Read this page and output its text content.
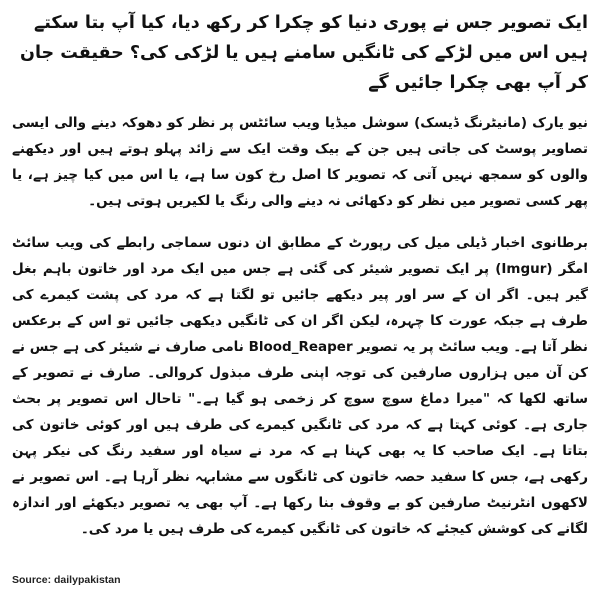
ایک تصویر جس نے پوری دنیا کو چکرا کر رکھ دیا، کیا آپ بتا سکتے ہیں اس میں لڑکے کی ٹانگیں سامنے ہیں یا لڑکی کی؟ حقیقت جان کر آپ بھی چکرا جائیں گے

نیو یارک (مانیٹرنگ ڈیسک) سوشل میڈیا ویب سائٹس پر نظر کو دھوکہ دینے والی ایسی تصاویر پوسٹ کی جاتی ہیں جن کے بیک وقت ایک سے زائد پہلو ہوتے ہیں اور دیکھنے والوں کو سمجھ نہیں آتی کہ تصویر کا اصل رخ کون سا ہے، یا اس میں کیا چیز ہے، یا پھر کسی تصویر میں نظر کو دکھائی نہ دینے والی رنگ یا لکیریں ہوتی ہیں۔

برطانوی اخبار ڈیلی میل کی رپورٹ کے مطابق ان دنوں سماجی رابطے کی ویب سائٹ امگر (Imgur) پر ایک تصویر شیئر کی گئی ہے جس میں ایک مرد اور خاتون باہم بغل گیر ہیں۔ اگر ان کے سر اور پیر دیکھے جائیں تو لگتا ہے کہ مرد کی پشت کیمرے کی طرف ہے جبکہ عورت کا چہرہ، لیکن اگر ان کی ٹانگیں دیکھی جائیں تو اس کے برعکس نظر آتا ہے۔ ویب سائٹ پر یہ تصویر Blood_Reaper نامی صارف نے شیئر کی ہے جس نے کن آن میں ہزاروں صارفین کی توجہ اپنی طرف مبذول کروالی۔ صارف نے تصویر کے ساتھ لکھا کہ "میرا دماغ سوچ سوچ کر زخمی ہو گیا ہے۔" تاحال اس تصویر پر بحث جاری ہے۔ کوئی کہتا ہے کہ مرد کی ٹانگیں کیمرے کی طرف ہیں اور کوئی خاتون کی بتاتا ہے۔ ایک صاحب کا یہ بھی کہنا ہے کہ مرد نے سیاہ اور سفید رنگ کی نیکر پہن رکھی ہے، جس کا سفید حصہ خاتون کی ٹانگوں سے مشابہہ نظر آرہا ہے۔ اس تصویر نے لاکھوں انٹرنیٹ صارفین کو بے وقوف بنا رکھا ہے۔ آپ بھی یہ تصویر دیکھئے اور اندازہ لگانے کی کوشش کیجئے کہ خاتون کی ٹانگیں کیمرے کی طرف ہیں یا مرد کی۔

Source: dailypakistan
